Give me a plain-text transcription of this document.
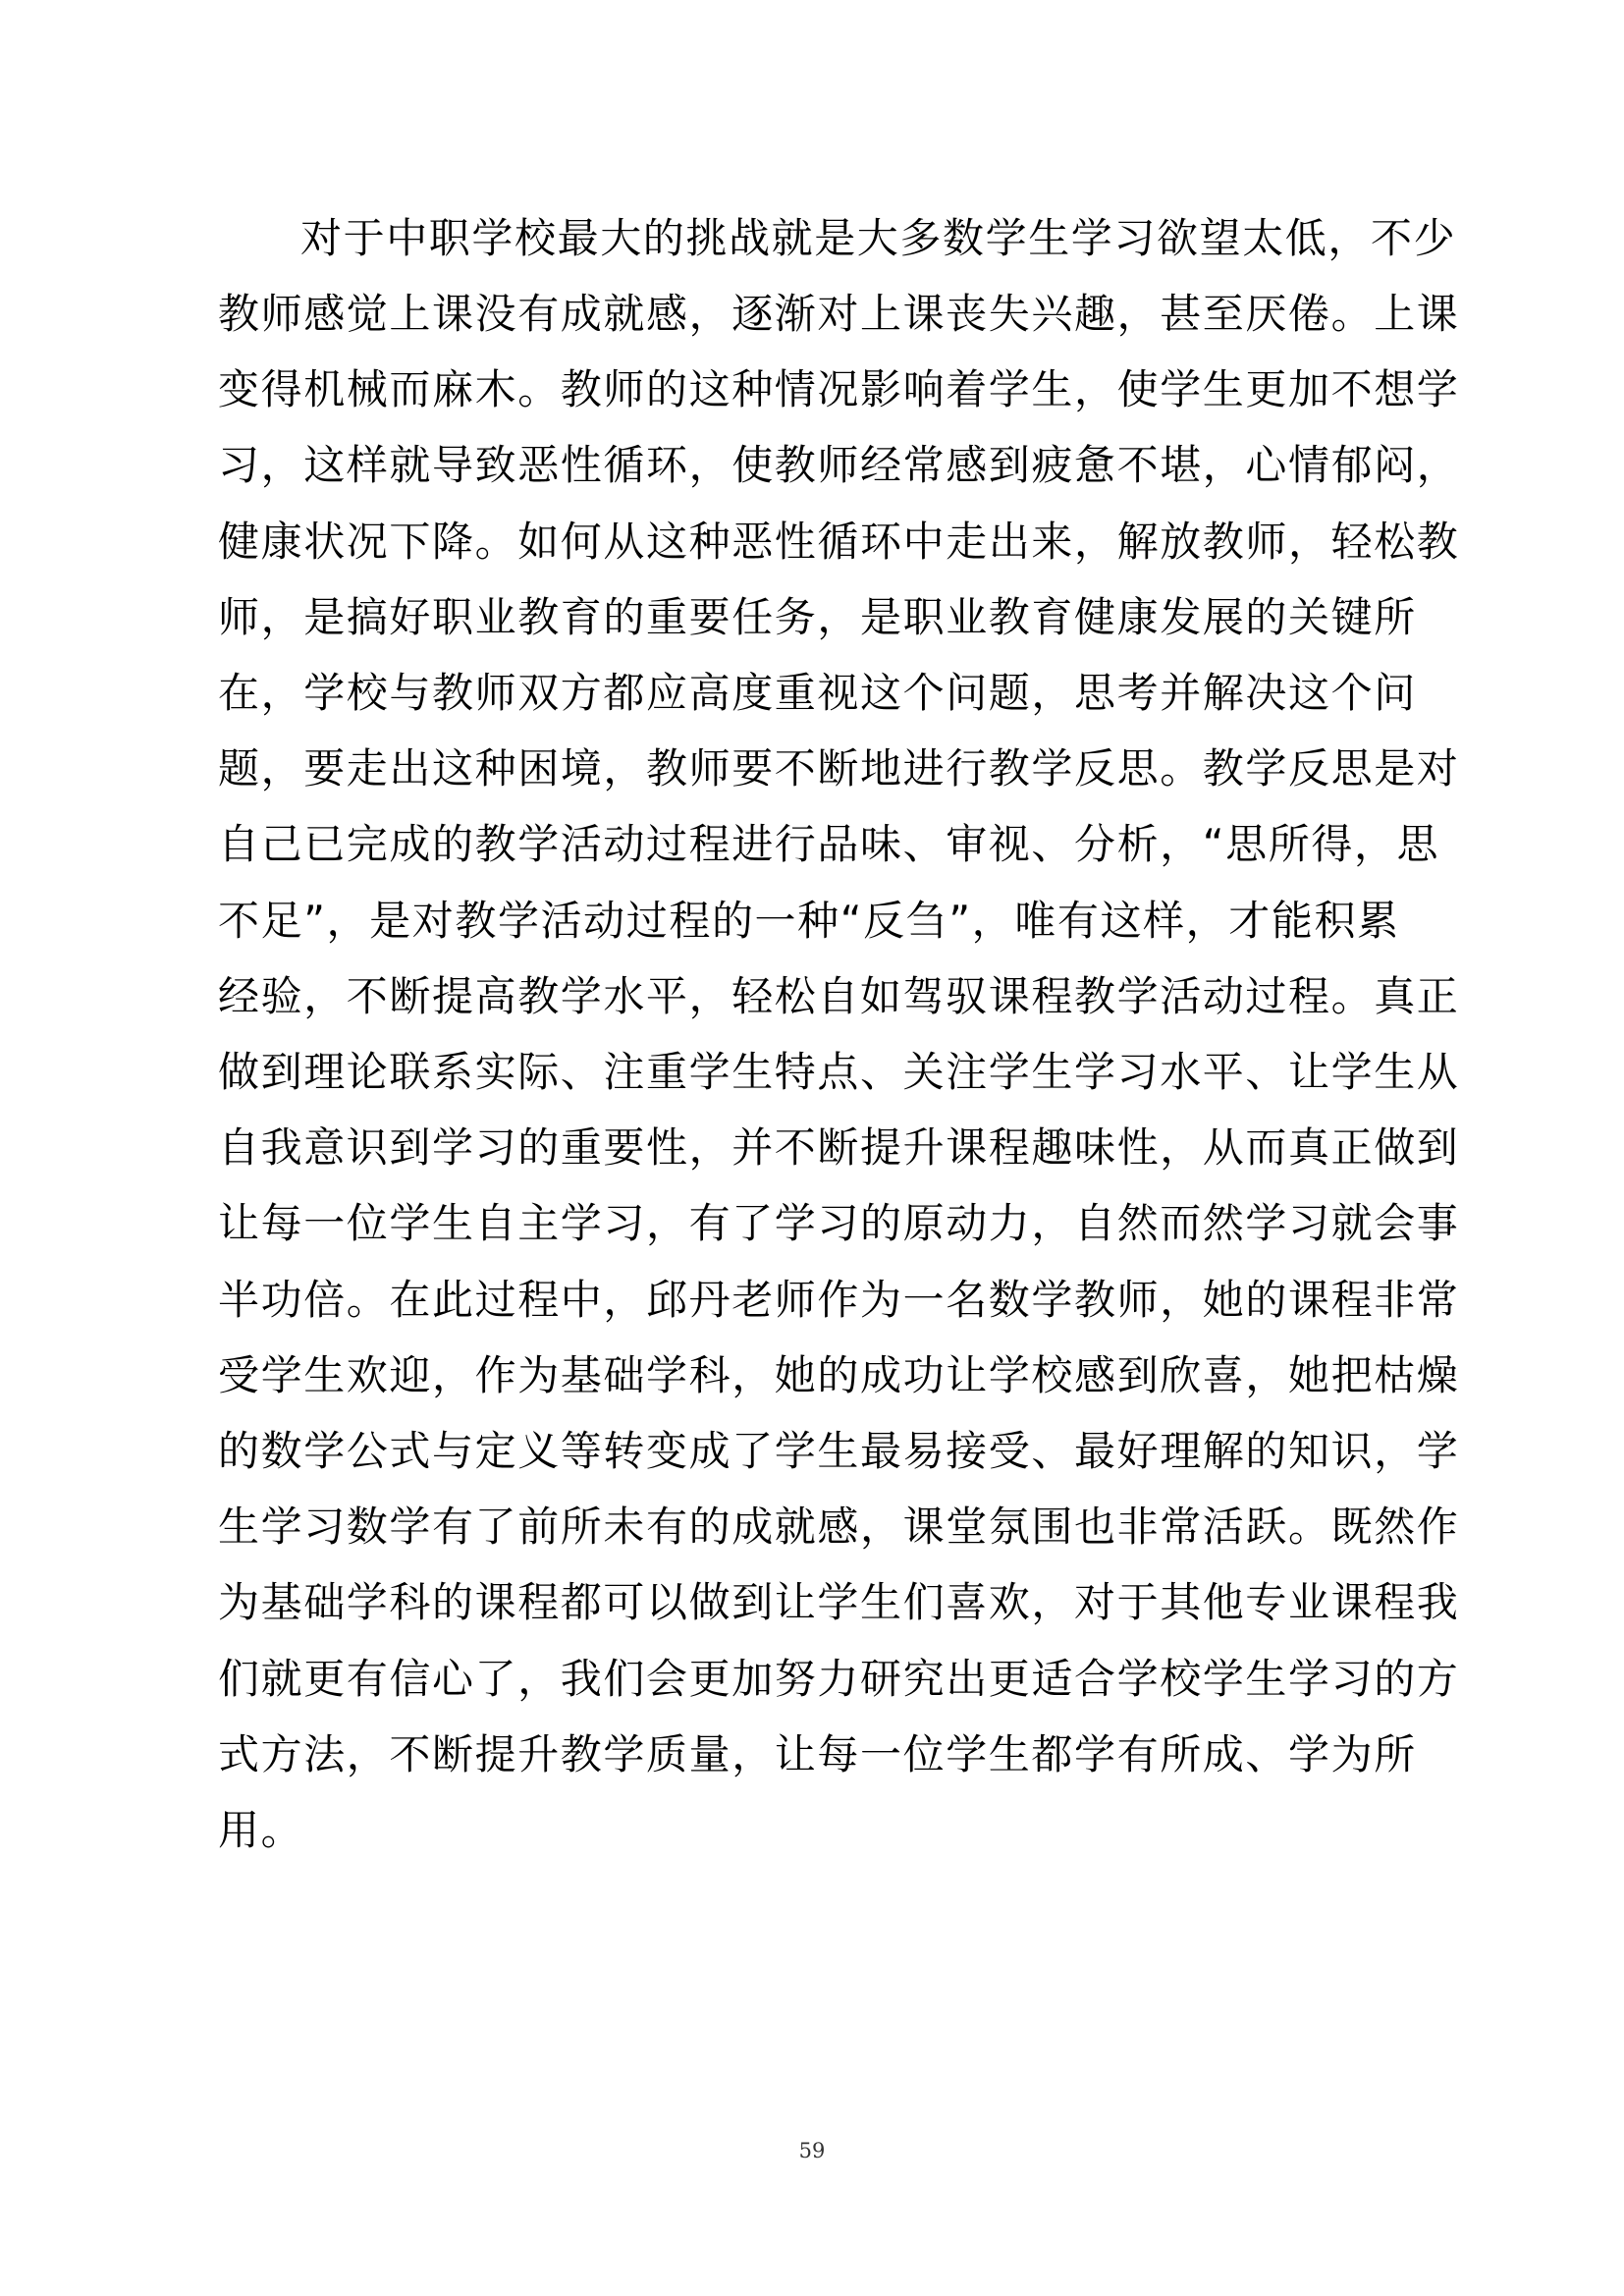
对于中职学校最大的挑战就是大多数学生学习欲望太低，不少
教师感觉上课没有成就感，逐渐对上课丧失兴趣，甚至厌倦。上课
变得机械而麻木。教师的这种情况影响着学生，使学生更加不想学
习，这样就导致恶性循环，使教师经常感到疲惫不堪，心情郁闷，
健康状况下降。如何从这种恶性循环中走出来，解放教师，轻松教
师，是搞好职业教育的重要任务，是职业教育健康发展的关键所
在，学校与教师双方都应高度重视这个问题，思考并解决这个问
题，要走出这种困境，教师要不断地进行教学反思。教学反思是对
自己已完成的教学活动过程进行品味、审视、分析，“思所得，思
不足”，是对教学活动过程的一种“反刍”，唯有这样，才能积累
经验，不断提高教学水平，轻松自如驾驭课程教学活动过程。真正
做到理论联系实际、注重学生特点、关注学生学习水平、让学生从
自我意识到学习的重要性，并不断提升课程趣味性，从而真正做到
让每一位学生自主学习，有了学习的原动力，自然而然学习就会事
半功倍。在此过程中，邱丹老师作为一名数学教师，她的课程非常
受学生欢迎，作为基础学科，她的成功让学校感到欣喜，她把枯燥
的数学公式与定义等转变成了学生最易接受、最好理解的知识，学
生学习数学有了前所未有的成就感，课堂氛围也非常活跃。既然作
为基础学科的课程都可以做到让学生们喜欢，对于其他专业课程我
们就更有信心了，我们会更加努力研究出更适合学校学生学习的方
式方法，不断提升教学质量，让每一位学生都学有所成、学为所
用。
59
